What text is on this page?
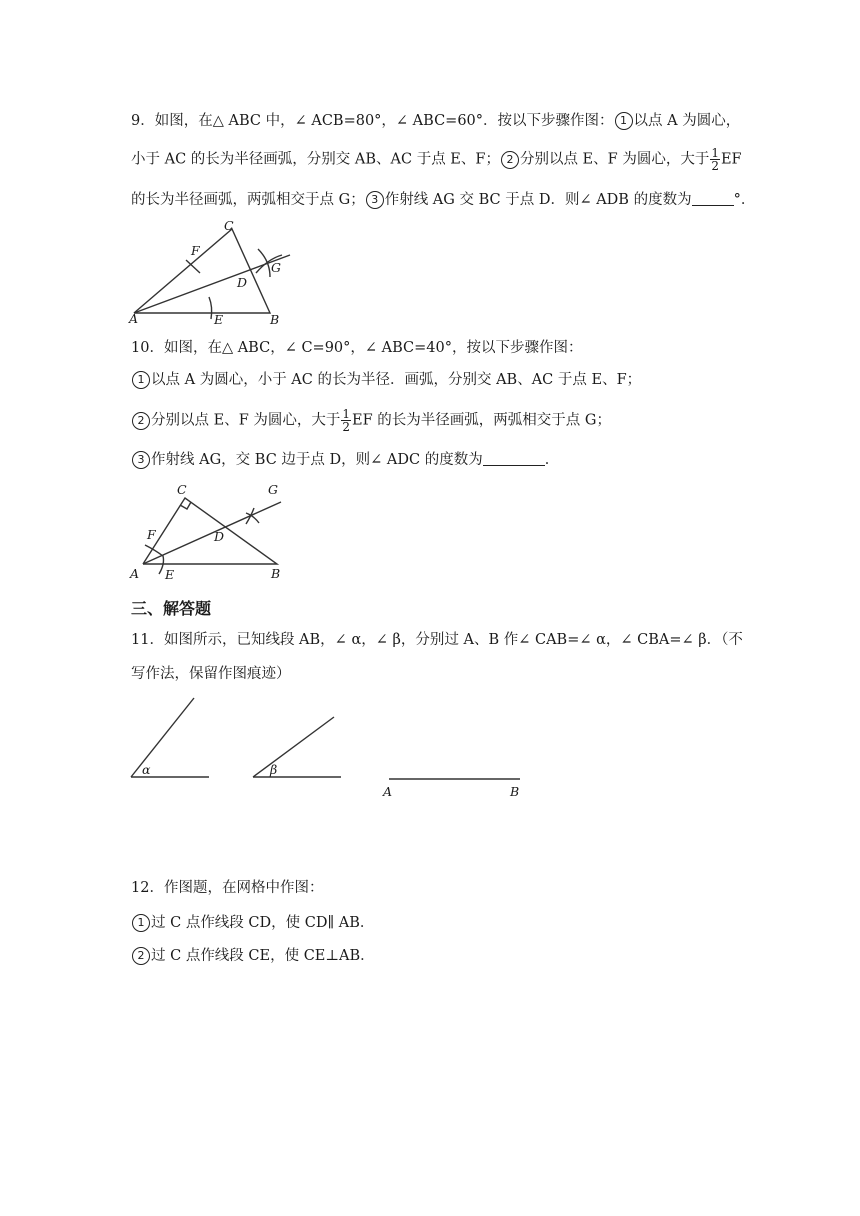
9．如图，在△ ABC 中，∠ ACB=80°，∠ ABC=60°．按以下步骤作图： 1 以点 A 为圆心，
小于 AC 的长为半径画弧，分别交 AB、AC 于点 E、F； 2 分别以点 E、F 为圆心，大于 $\frac{1}{2}$ EF
的长为半径画弧，两弧相交于点 G； 3 作射线 AG 交 BC 于点 D．则∠ ADB 的度数为	°．
C
F
G
D
A	E	B
10．如图，在△ ABC，∠ C=90°，∠ ABC=40°，按以下步骤作图：
1 以点 A 为圆心，小于 AC 的长为半径．画弧，分别交 AB、AC 于点 E、F；
2 分别以点 E、F 为圆心，大于 $\frac{1}{2}$ EF 的长为半径画弧，两弧相交于点 G；
3 作射线 AG，交 BC 边于点 D，则∠ ADC 的度数为	．
C	G
F	D
A E	B
三、解答题
11．如图所示，已知线段 AB，∠ α，∠ β，分别过 A、B 作∠ CAB=∠ α，∠ CBA=∠ β．（不
写作法，保留作图痕迹）
α	β
A	B
12．作图题，在网格中作图：
1 过 C 点作线段 CD，使 CD∥ AB．
2 过 C 点作线段 CE，使 CE⊥AB．
